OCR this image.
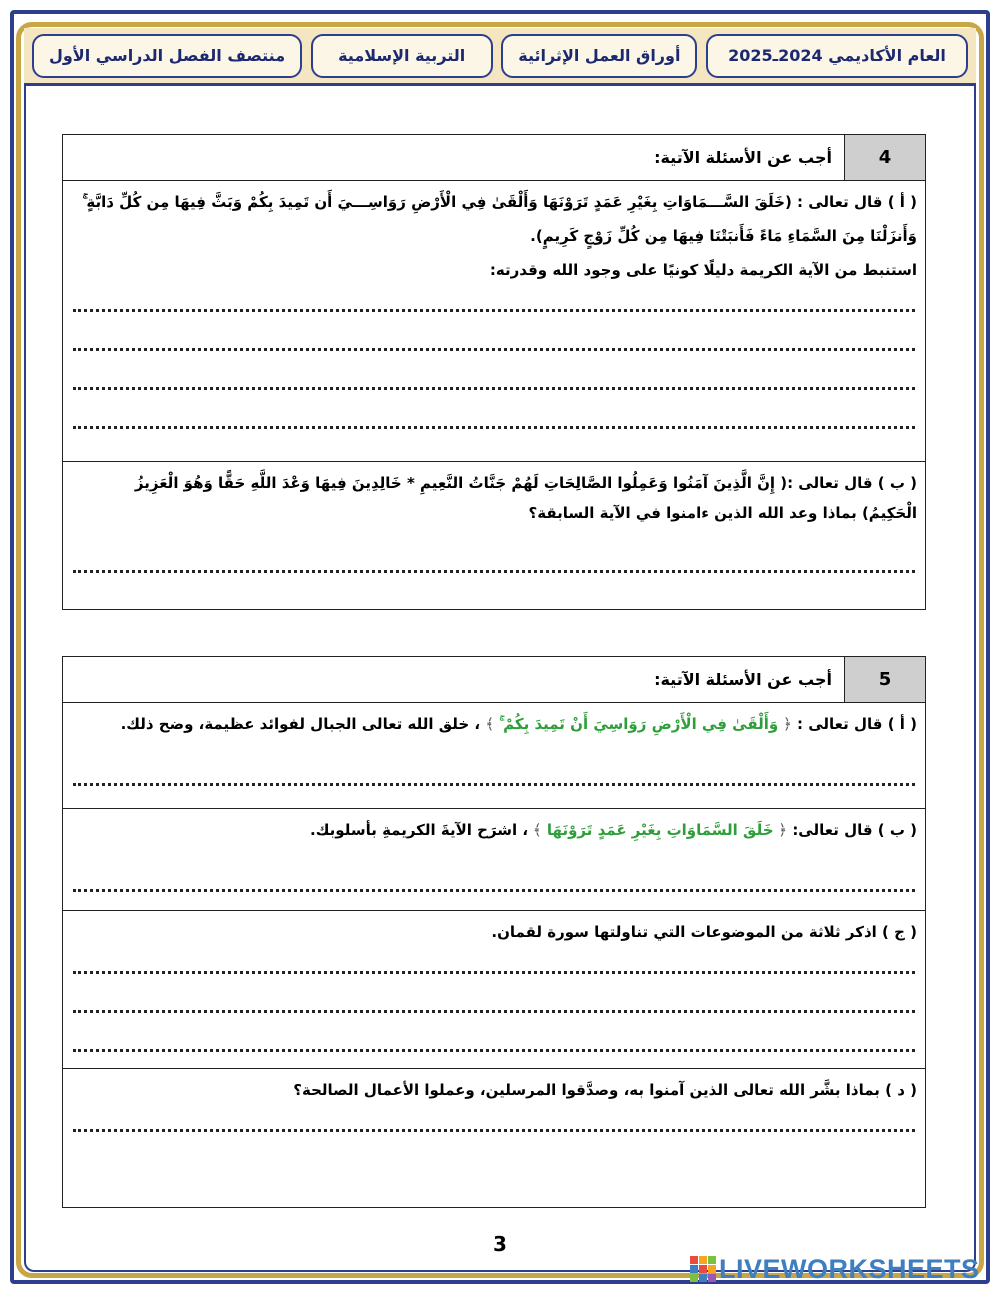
العام الأكاديمي 2024ـ2025
أوراق العمل الإثرائية
التربية الإسلامية
منتصف الفصل الدراسي الأول
4
أجب عن الأسئلة الآتية:
( أ ) قال تعالى : (خَلَقَ السَّـــمَاوَاتِ بِغَيْرِ عَمَدٍ تَرَوْنَهَا وَأَلْقَىٰ فِي الْأَرْضِ رَوَاسِـــيَ أَن تَمِيدَ بِكُمْ وَبَثَّ فِيهَا مِن كُلِّ دَابَّةٍ ۚ
وَأَنزَلْنَا مِنَ السَّمَاءِ مَاءً فَأَنبَتْنَا فِيهَا مِن كُلِّ زَوْجٍ كَرِيمٍ).
استنبط من الآية الكريمة دليلًا كونيًا على وجود الله وقدرته:
( ب ) قال تعالى :( إِنَّ الَّذِينَ آمَنُوا وَعَمِلُوا الصَّالِحَاتِ لَهُمْ جَنَّاتُ النَّعِيمِ * خَالِدِينَ فِيهَا وَعْدَ اللَّهِ حَقًّا وَهُوَ الْعَزِيزُ
الْحَكِيمُ) بماذا وعد الله الذين ءامنوا في الآية السابقة؟
5
أجب عن الأسئلة الآتية:
( أ ) قال تعالى : ﴿ وَأَلْقَىٰ فِي الْأَرْضِ رَوَاسِيَ أَنْ تَمِيدَ بِكُمْ ۚ ﴾ ، خلق الله تعالى الجبال لفوائد عظيمة، وضح ذلك.
( ب ) قال تعالى: ﴿ خَلَقَ السَّمَاوَاتِ بِغَيْرِ عَمَدٍ تَرَوْنَهَا ﴾ ، اشرَح الآيةَ الكريمةِ بأسلوبك.
( ج ) اذكر ثلاثة من الموضوعات التي تناولتها سورة لقمان.
( د ) بماذا بشَّر الله تعالى الذين آمنوا به، وصدَّقوا المرسلين، وعملوا الأعمال الصالحة؟
3
LIVEWORKSHEETS
